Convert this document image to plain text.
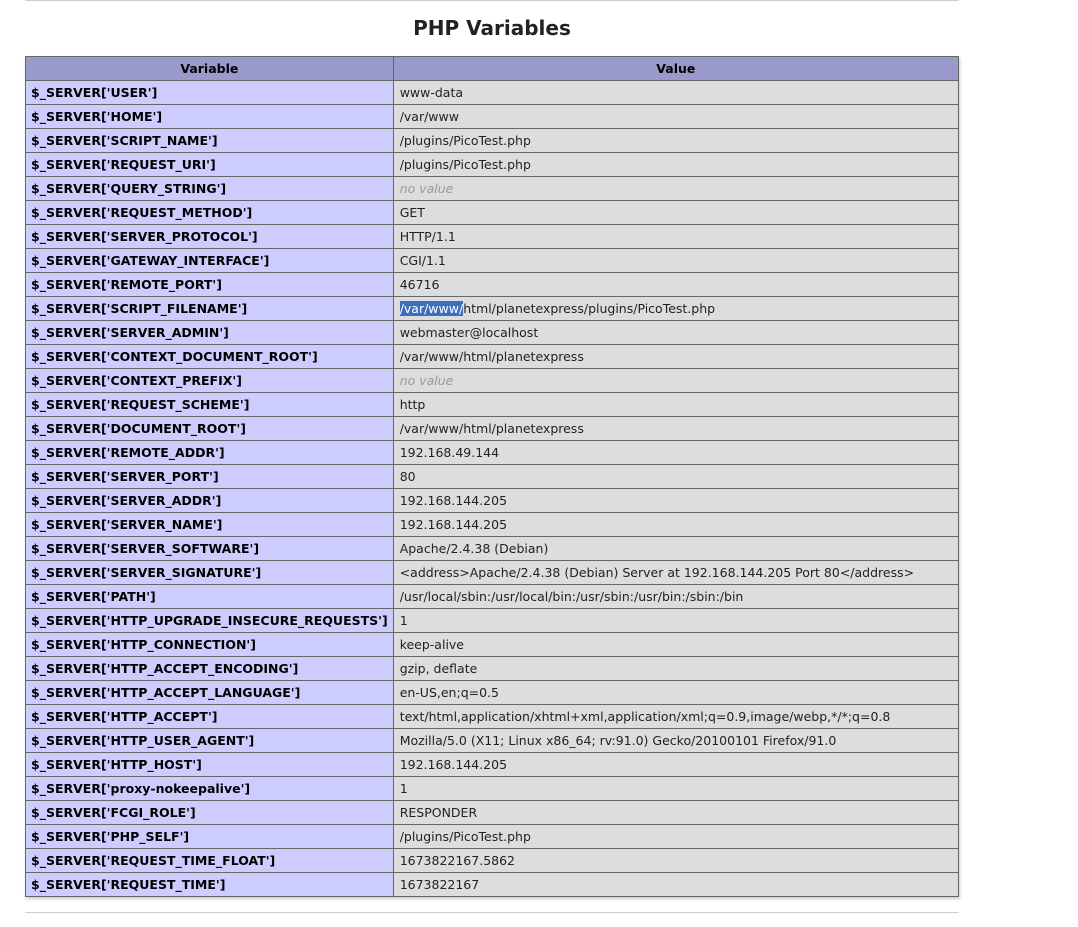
PHP Variables
Variable	Value
$_SERVER['USER']	www-data
$_SERVER['HOME']	/var/www
$_SERVER['SCRIPT_NAME']	/plugins/PicoTest.php
$_SERVER['REQUEST_URI']	/plugins/PicoTest.php
$_SERVER['QUERY_STRING']	no value
$_SERVER['REQUEST_METHOD']	GET
$_SERVER['SERVER_PROTOCOL']	HTTP/1.1
$_SERVER['GATEWAY_INTERFACE']	CGI/1.1
$_SERVER['REMOTE_PORT']	46716
$_SERVER['SCRIPT_FILENAME']	/var/www/html/planetexpress/plugins/PicoTest.php
$_SERVER['SERVER_ADMIN']	webmaster@localhost
$_SERVER['CONTEXT_DOCUMENT_ROOT']	/var/www/html/planetexpress
$_SERVER['CONTEXT_PREFIX']	no value
$_SERVER['REQUEST_SCHEME']	http
$_SERVER['DOCUMENT_ROOT']	/var/www/html/planetexpress
$_SERVER['REMOTE_ADDR']	192.168.49.144
$_SERVER['SERVER_PORT']	80
$_SERVER['SERVER_ADDR']	192.168.144.205
$_SERVER['SERVER_NAME']	192.168.144.205
$_SERVER['SERVER_SOFTWARE']	Apache/2.4.38 (Debian)
$_SERVER['SERVER_SIGNATURE']	<address>Apache/2.4.38 (Debian) Server at 192.168.144.205 Port 80</address>
$_SERVER['PATH']	/usr/local/sbin:/usr/local/bin:/usr/sbin:/usr/bin:/sbin:/bin
$_SERVER['HTTP_UPGRADE_INSECURE_REQUESTS']	1
$_SERVER['HTTP_CONNECTION']	keep-alive
$_SERVER['HTTP_ACCEPT_ENCODING']	gzip, deflate
$_SERVER['HTTP_ACCEPT_LANGUAGE']	en-US,en;q=0.5
$_SERVER['HTTP_ACCEPT']	text/html,application/xhtml+xml,application/xml;q=0.9,image/webp,*/*;q=0.8
$_SERVER['HTTP_USER_AGENT']	Mozilla/5.0 (X11; Linux x86_64; rv:91.0) Gecko/20100101 Firefox/91.0
$_SERVER['HTTP_HOST']	192.168.144.205
$_SERVER['proxy-nokeepalive']	1
$_SERVER['FCGI_ROLE']	RESPONDER
$_SERVER['PHP_SELF']	/plugins/PicoTest.php
$_SERVER['REQUEST_TIME_FLOAT']	1673822167.5862
$_SERVER['REQUEST_TIME']	1673822167
